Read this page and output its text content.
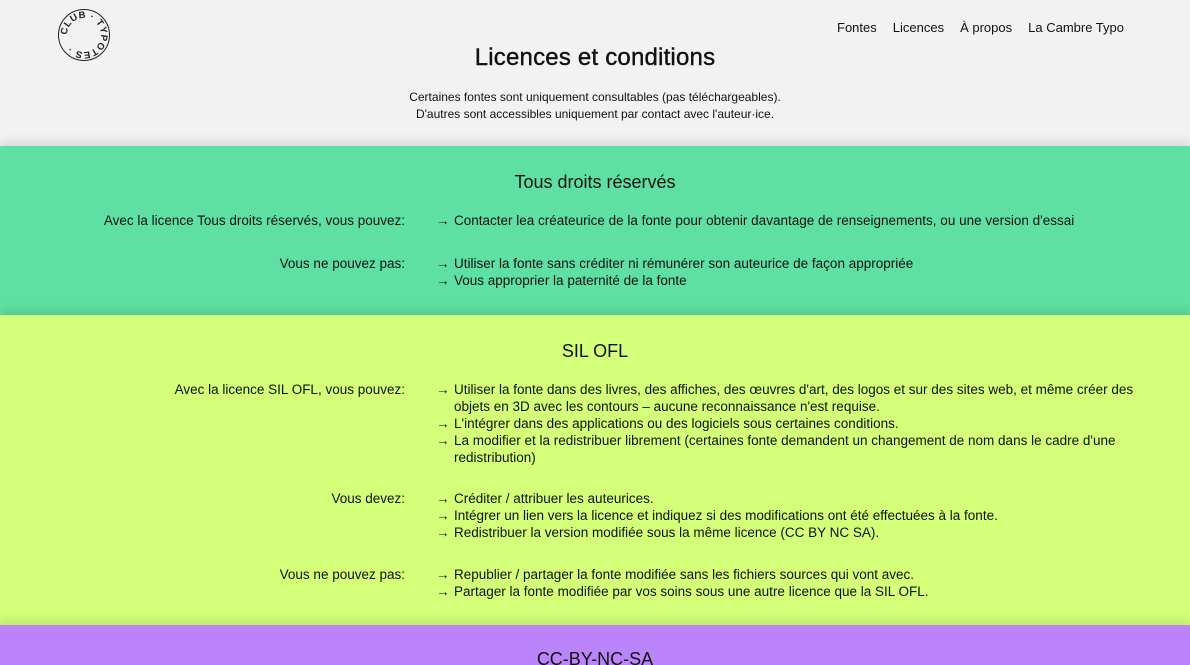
CLUB · TYPOTES ·
Fontes Licences À propos La Cambre Typo
Licences et conditions
Certaines fontes sont uniquement consultables (pas téléchargeables).
D'autres sont accessibles uniquement par contact avec l'auteur·ice.
Tous droits réservés
Avec la licence Tous droits réservés, vous pouvez: → Contacter lea créateurice de la fonte pour obtenir davantage de renseignements, ou une version d'essai
Vous ne pouvez pas: → Utiliser la fonte sans créditer ni rémunérer son auteurice de façon appropriée
→ Vous approprier la paternité de la fonte
SIL OFL
Avec la licence SIL OFL, vous pouvez: → Utiliser la fonte dans des livres, des affiches, des œuvres d'art, des logos et sur des sites web, et même créer des objets en 3D avec les contours – aucune reconnaissance n'est requise.
→ L'intégrer dans des applications ou des logiciels sous certaines conditions.
→ La modifier et la redistribuer librement (certaines fonte demandent un changement de nom dans le cadre d'une redistribution)
Vous devez: → Créditer / attribuer les auteurices.
→ Intégrer un lien vers la licence et indiquez si des modifications ont été effectuées à la fonte.
→ Redistribuer la version modifiée sous la même licence (CC BY NC SA).
Vous ne pouvez pas: → Republier / partager la fonte modifiée sans les fichiers sources qui vont avec.
→ Partager la fonte modifiée par vos soins sous une autre licence que la SIL OFL.
CC-BY-NC-SA
